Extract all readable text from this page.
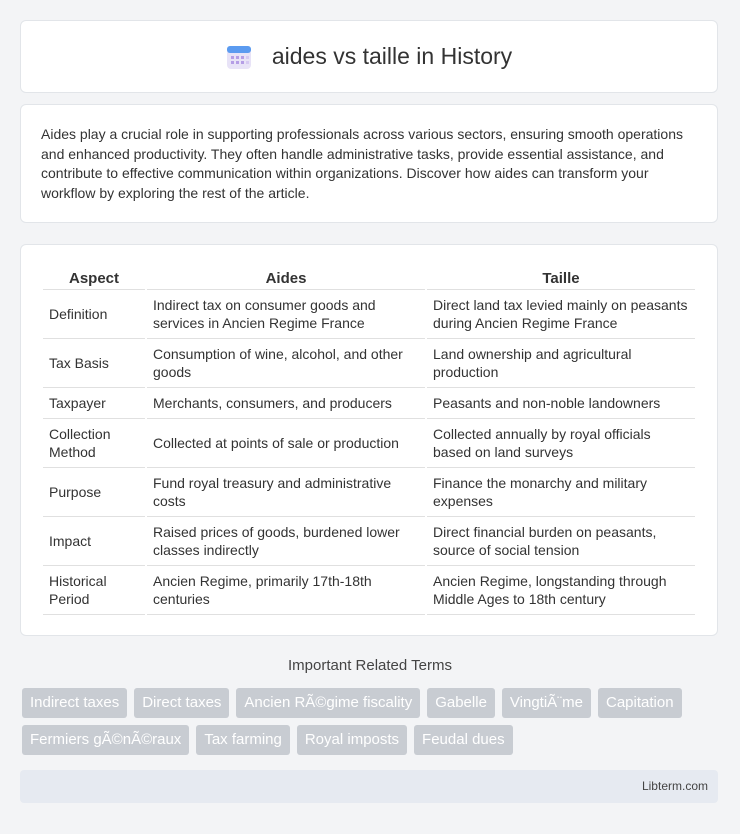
aides vs taille in History

Aides play a crucial role in supporting professionals across various sectors, ensuring smooth operations and enhanced productivity. They often handle administrative tasks, provide essential assistance, and contribute to effective communication within organizations. Discover how aides can transform your workflow by exploring the rest of the article.

Aspect	Aides	Taille
Definition	Indirect tax on consumer goods and services in Ancien Regime France	Direct land tax levied mainly on peasants during Ancien Regime France
Tax Basis	Consumption of wine, alcohol, and other goods	Land ownership and agricultural production
Taxpayer	Merchants, consumers, and producers	Peasants and non-noble landowners
Collection Method	Collected at points of sale or production	Collected annually by royal officials based on land surveys
Purpose	Fund royal treasury and administrative costs	Finance the monarchy and military expenses
Impact	Raised prices of goods, burdened lower classes indirectly	Direct financial burden on peasants, source of social tension
Historical Period	Ancien Regime, primarily 17th-18th centuries	Ancien Regime, longstanding through Middle Ages to 18th century
Important Related Terms
Indirect taxes	Direct taxes	Ancien RÃ©gime fiscality	Gabelle	VingtiÃ¨me	Capitation
Fermiers gÃ©nÃ©raux	Tax farming	Royal imposts	Feudal dues
Libterm.com
